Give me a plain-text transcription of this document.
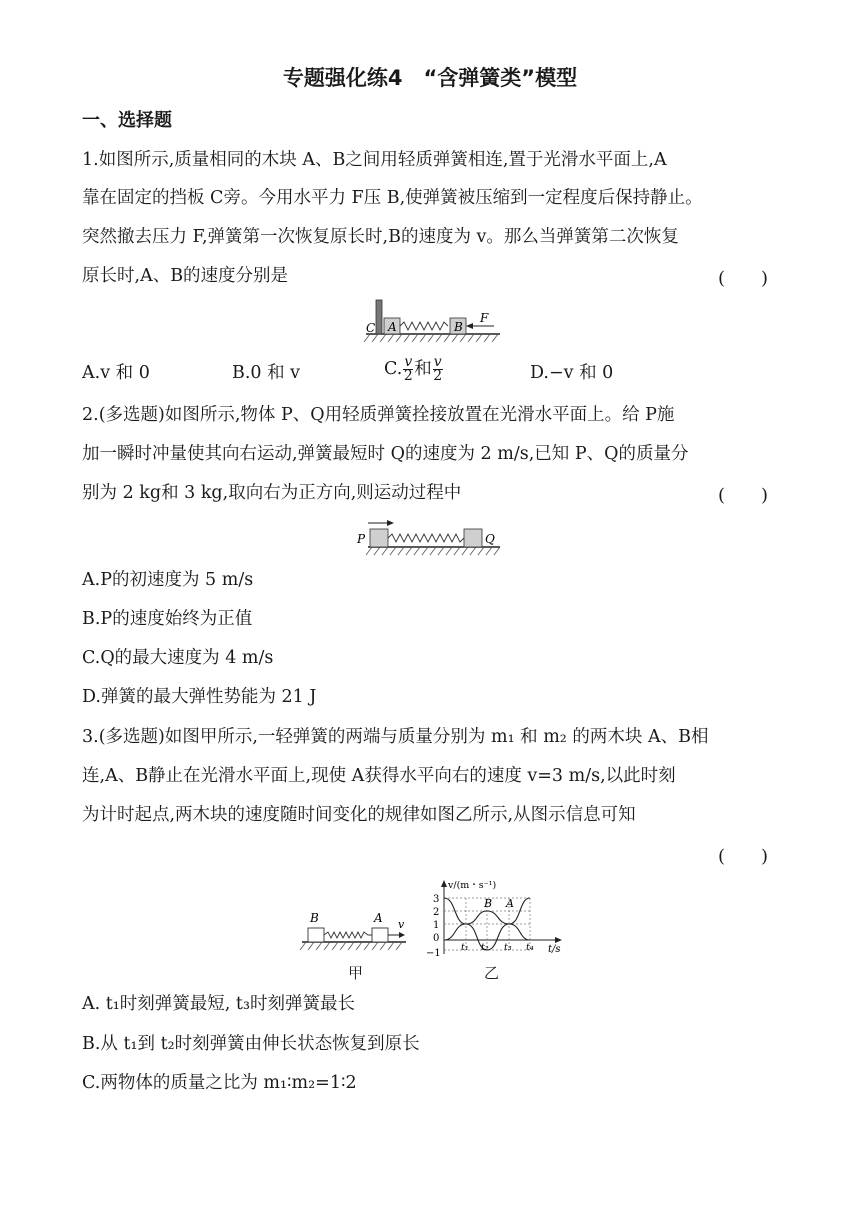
专题强化练4　“含弹簧类”模型
一、选择题
1.如图所示,质量相同的木块 A、B之间用轻质弹簧相连,置于光滑水平面上,A
靠在固定的挡板 C旁。今用水平力 F压 B,使弹簧被压缩到一定程度后保持静止。
突然撤去压力 F,弹簧第一次恢复原长时,B的速度为 v。那么当弹簧第二次恢复
原长时,A、B的速度分别是	(　　)
C A	B
F
A.v 和 0	B.0 和 v	C. $\frac{v}{2}$ 和 $\frac{v}{2}$	D.−v 和 0
2.(多选题)如图所示,物体 P、Q用轻质弹簧拴接放置在光滑水平面上。给 P施
加一瞬时冲量使其向右运动,弹簧最短时 Q的速度为 2 m/s,已知 P、Q的质量分
别为 2 kg和 3 kg,取向右为正方向,则运动过程中	(　　)
P	Q
A.P的初速度为 5 m/s
B.P的速度始终为正值
C.Q的最大速度为 4 m/s
D.弹簧的最大弹性势能为 21 J
3.(多选题)如图甲所示,一轻弹簧的两端与质量分别为 m₁ 和 m₂ 的两木块 A、B相
连,A、B静止在光滑水平面上,现使 A获得水平向右的速度 v=3 m/s,以此时刻
为计时起点,两木块的速度随时间变化的规律如图乙所示,从图示信息可知
(　　)
B	A v
甲
v/(m・s⁻¹)
t/s
3
2
1
0
−1
B A
t₁ t₂ t₃ t₄
乙
A. t₁时刻弹簧最短, t₃时刻弹簧最长
B.从 t₁到 t₂时刻弹簧由伸长状态恢复到原长
C.两物体的质量之比为 m₁∶m₂=1∶2
